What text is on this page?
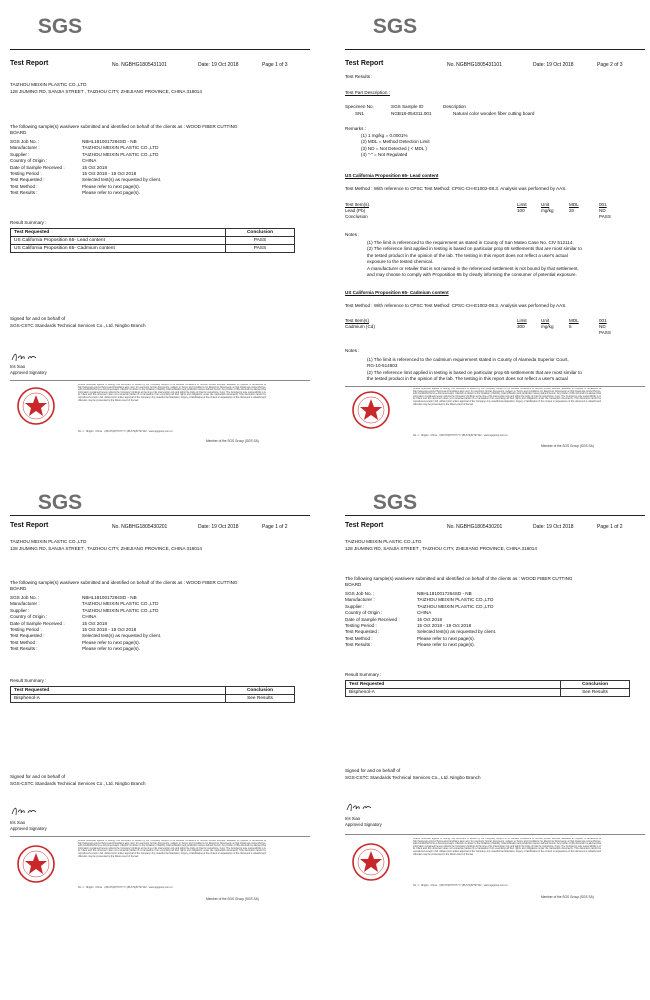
SGS
Test Report	No. NGBHG1805431101	Date: 19 Oct 2018	Page 1 of 3
TAIZHOU MEIXIN PLASTIC CO.,LTD
128 JIUMING RD, SANJIA STREET , TAIZHOU CITY, ZHEJIANG PROVINCE, CHINA 318014
The following sample(s) was/were submitted and identified on behalf of the clients as : WOOD FIBER CUTTING BOARD
SGS Job No. :	NBHL1810017264SD - NB
Manufacturer :	TAIZHOU MEIXIN PLASTIC CO.,LTD
Supplier :	TAIZHOU MEIXIN PLASTIC CO.,LTD
Country of Origin :	CHINA
Date of Sample Received :	15 Oct 2018
Testing Period :	15 Oct 2018 - 19 Oct 2018
Test Requested :	Selected test(s) as requested by client.
Test Method :	Please refer to next page(s).
Test Results :	Please refer to next page(s).
Result Summary :
Test Requested	Conclusion
US California Proposition 65- Lead content	PASS
US California Proposition 65- Cadmium content	PASS
Signed for and on behalf of
SGS-CSTC Standards Technical Services Co., Ltd. Ningbo Branch
Iris Xiao
Approved Signatory
Unless otherwise agreed in writing, this document is issued by the Company subject to its General Conditions of Service printed overleaf, available on request or accessible at http://www.sgs.com/en/Terms-and-Conditions.aspx and, for electronic format documents, subject to Terms and Conditions for Electronic Documents at http://www.sgs.com/en/Terms-and-Conditions/Terms-e-Document.aspx. Attention is drawn to the limitation of liability, indemnification and jurisdiction issues defined therein. Any holder of this document is advised that information contained hereon reflects the Company's findings at the time of its intervention only and within the limits of Client's instructions, if any. The Company's sole responsibility is to its Client and this document does not exonerate parties to a transaction from exercising all their rights and obligations under the transaction documents. This document cannot be reproduced except in full, without prior written approval of the Company. Any unauthorized alteration, forgery or falsification of the content or appearance of this document is unlawful and offenders may be prosecuted to the fullest extent of the law.
No. 1 · Ningbo · China · t (86-574)87797777 f (86-574)87797142 · www.sgsgroup.com.cn
Member of the SGS Group (SGS SA)
SGS
Test Report	No. NGBHG1805431101	Date: 19 Oct 2018	Page 2 of 3
Test Results :
Test Part Description :
Specimen No.	SGS Sample ID	Description
SN1	NGB18-054311.001	Natural color wooden fiber cutting board
Remarks :
(1) 1 mg/kg = 0.0001%
(2) MDL = Method Detection Limit
(3) ND = Not Detected ( < MDL )
(4) "-" = Not Regulated
US California Proposition 65- Lead content
Test Method : With reference to CPSC Test Method: CPSC-CH-E1002-08.3. Analysis was performed by AAS.
Test Item(s)	Limit	Unit	MDL	001
Lead (Pb)	100	mg/kg	20	ND
Conclusion				PASS
Notes :
(1) The limit is referenced to the requirement as stated in County of San Mateo Case No. CIV 512114.
(2) The reference limit applied in testing is based on particular prop 65 settlements that are most similar to
the tested product in the opinion of the lab. The testing in this report does not reflect a user's actual
exposure to the tested chemical.
A manufacturer or retailer that is not named in the referenced settlement is not bound by that settlement,
and may choose to comply with Proposition 65 by clearly informing the consumer of potential exposure.
US California Proposition 65- Cadmium content
Test Method : With reference to CPSC Test Method: CPSC-CH-E1002-08.3. Analysis was performed by AAS.
Test Item(s)	Limit	Unit	MDL	001
Cadmium (Cd)	300	mg/kg	5	ND
				PASS
Notes :
(1) The limit is referenced to the cadmium requirement stated in County of Alameda Superior Court,
RG-10-514803
(2) The reference limit applied in testing is based on particular prop 65 settlements that are most similar to
the tested product in the opinion of the lab. The testing in this report does not reflect a user's actual
Unless otherwise agreed in writing, this document is issued by the Company subject to its General Conditions of Service printed overleaf, available on request or accessible at http://www.sgs.com/en/Terms-and-Conditions.aspx and, for electronic format documents, subject to Terms and Conditions for Electronic Documents at http://www.sgs.com/en/Terms-and-Conditions/Terms-e-Document.aspx. Attention is drawn to the limitation of liability, indemnification and jurisdiction issues defined therein. Any holder of this document is advised that information contained hereon reflects the Company's findings at the time of its intervention only and within the limits of Client's instructions, if any. The Company's sole responsibility is to its Client and this document does not exonerate parties to a transaction from exercising all their rights and obligations under the transaction documents. This document cannot be reproduced except in full, without prior written approval of the Company. Any unauthorized alteration, forgery or falsification of the content or appearance of this document is unlawful and offenders may be prosecuted to the fullest extent of the law.
No. 1 · Ningbo · China · t (86-574)87797777 f (86-574)87797142 · www.sgsgroup.com.cn
Member of the SGS Group (SGS SA)
SGS
Test Report	No. NGBHG1805430201	Date: 19 Oct 2018	Page 1 of 2
TAIZHOU MEIXIN PLASTIC CO.,LTD
128 JIUMING RD, SANJIA STREET , TAIZHOU CITY, ZHEJIANG PROVINCE, CHINA 318014
The following sample(s) was/were submitted and identified on behalf of the clients as : WOOD FIBER CUTTING BOARD
SGS Job No. :	NBHL1810017264SD - NB
Manufacturer :	TAIZHOU MEIXIN PLASTIC CO.,LTD
Supplier :	TAIZHOU MEIXIN PLASTIC CO.,LTD
Country of Origin :	CHINA
Date of Sample Received :	15 Oct 2018
Testing Period :	15 Oct 2018 - 19 Oct 2018
Test Requested :	Selected test(s) as requested by client.
Test Method :	Please refer to next page(s).
Test Results :	Please refer to next page(s).
Result Summary :
Test Requested	Conclusion
Bisphenol-A	See Results
Signed for and on behalf of
SGS-CSTC Standards Technical Services Co., Ltd. Ningbo Branch
Iris Xiao
Approved Signatory
Unless otherwise agreed in writing, this document is issued by the Company subject to its General Conditions of Service printed overleaf, available on request or accessible at http://www.sgs.com/en/Terms-and-Conditions.aspx and, for electronic format documents, subject to Terms and Conditions for Electronic Documents at http://www.sgs.com/en/Terms-and-Conditions/Terms-e-Document.aspx. Attention is drawn to the limitation of liability, indemnification and jurisdiction issues defined therein. Any holder of this document is advised that information contained hereon reflects the Company's findings at the time of its intervention only and within the limits of Client's instructions, if any. The Company's sole responsibility is to its Client and this document does not exonerate parties to a transaction from exercising all their rights and obligations under the transaction documents. This document cannot be reproduced except in full, without prior written approval of the Company. Any unauthorized alteration, forgery or falsification of the content or appearance of this document is unlawful and offenders may be prosecuted to the fullest extent of the law.
No. 1 · Ningbo · China · t (86-574)87797777 f (86-574)87797142 · www.sgsgroup.com.cn
Member of the SGS Group (SGS SA)
SGS
Test Report	No. NGBHG1805430201	Date: 19 Oct 2018	Page 1 of 2
TAIZHOU MEIXIN PLASTIC CO.,LTD
128 JIUMING RD, SANJIA STREET , TAIZHOU CITY, ZHEJIANG PROVINCE, CHINA 318014
The following sample(s) was/were submitted and identified on behalf of the clients as : WOOD FIBER CUTTING BOARD
SGS Job No. :	NBHL1810017264SD - NB
Manufacturer :	TAIZHOU MEIXIN PLASTIC CO.,LTD
Supplier :	TAIZHOU MEIXIN PLASTIC CO.,LTD
Country of Origin :	CHINA
Date of Sample Received :	15 Oct 2018
Testing Period :	15 Oct 2018 - 19 Oct 2018
Test Requested :	Selected test(s) as requested by client.
Test Method :	Please refer to next page(s).
Test Results :	Please refer to next page(s).
Result Summary :
Test Requested	Conclusion
Bisphenol-A	See Results
Signed for and on behalf of
SGS-CSTC Standards Technical Services Co., Ltd. Ningbo Branch
Iris Xiao
Approved Signatory
Unless otherwise agreed in writing, this document is issued by the Company subject to its General Conditions of Service printed overleaf, available on request or accessible at http://www.sgs.com/en/Terms-and-Conditions.aspx and, for electronic format documents, subject to Terms and Conditions for Electronic Documents at http://www.sgs.com/en/Terms-and-Conditions/Terms-e-Document.aspx. Attention is drawn to the limitation of liability, indemnification and jurisdiction issues defined therein. Any holder of this document is advised that information contained hereon reflects the Company's findings at the time of its intervention only and within the limits of Client's instructions, if any. The Company's sole responsibility is to its Client and this document does not exonerate parties to a transaction from exercising all their rights and obligations under the transaction documents. This document cannot be reproduced except in full, without prior written approval of the Company. Any unauthorized alteration, forgery or falsification of the content or appearance of this document is unlawful and offenders may be prosecuted to the fullest extent of the law.
No. 1 · Ningbo · China · t (86-574)87797777 f (86-574)87797142 · www.sgsgroup.com.cn
Member of the SGS Group (SGS SA)
